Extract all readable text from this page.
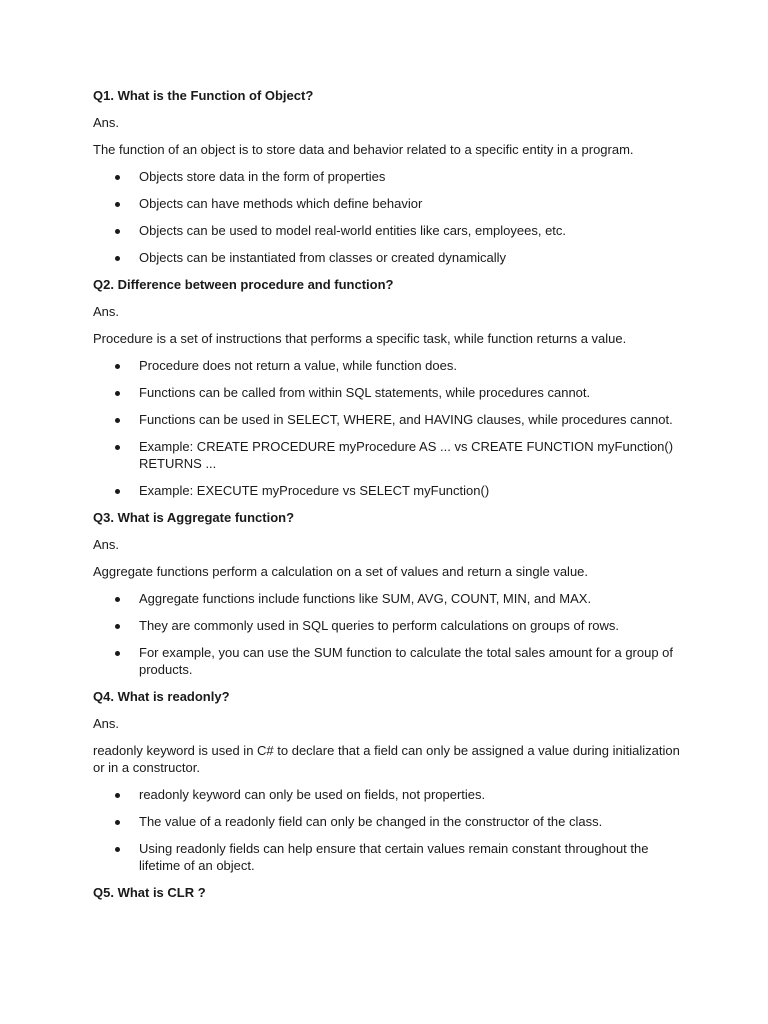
Q1. What is the Function of Object?
Ans.
The function of an object is to store data and behavior related to a specific entity in a program.
Objects store data in the form of properties
Objects can have methods which define behavior
Objects can be used to model real-world entities like cars, employees, etc.
Objects can be instantiated from classes or created dynamically
Q2. Difference between procedure and function?
Ans.
Procedure is a set of instructions that performs a specific task, while function returns a value.
Procedure does not return a value, while function does.
Functions can be called from within SQL statements, while procedures cannot.
Functions can be used in SELECT, WHERE, and HAVING clauses, while procedures cannot.
Example: CREATE PROCEDURE myProcedure AS ... vs CREATE FUNCTION myFunction() RETURNS ...
Example: EXECUTE myProcedure vs SELECT myFunction()
Q3. What is Aggregate function?
Ans.
Aggregate functions perform a calculation on a set of values and return a single value.
Aggregate functions include functions like SUM, AVG, COUNT, MIN, and MAX.
They are commonly used in SQL queries to perform calculations on groups of rows.
For example, you can use the SUM function to calculate the total sales amount for a group of products.
Q4. What is readonly?
Ans.
readonly keyword is used in C# to declare that a field can only be assigned a value during initialization or in a constructor.
readonly keyword can only be used on fields, not properties.
The value of a readonly field can only be changed in the constructor of the class.
Using readonly fields can help ensure that certain values remain constant throughout the lifetime of an object.
Q5. What is CLR ?
